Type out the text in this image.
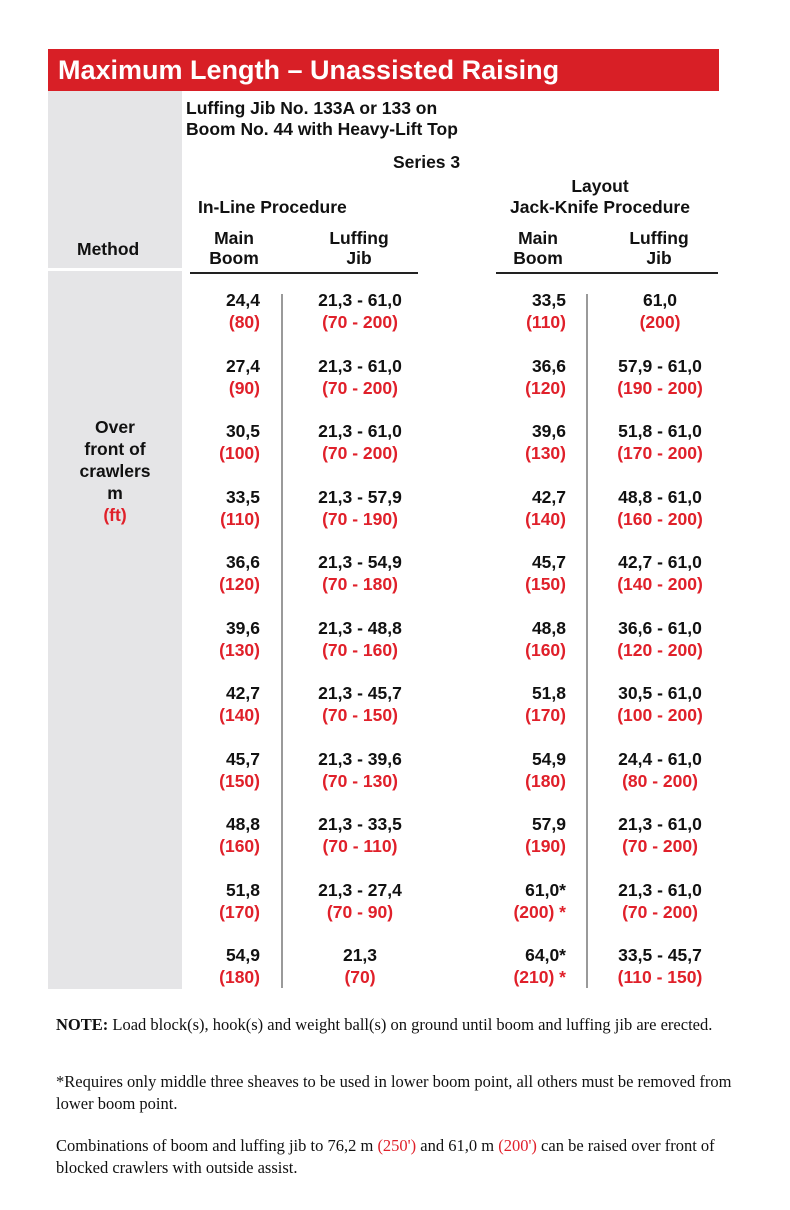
Maximum Length – Unassisted Raising
Luffing Jib No. 133A or 133 on
Boom No. 44 with Heavy-Lift Top
Series 3
In-Line Procedure
Layout
Jack-Knife Procedure
Method
Main
Boom
Luffing
Jib
Main
Boom
Luffing
Jib
Over
front of
crawlers
m
(ft)
24,4
(80)
21,3 - 61,0
(70 - 200)
33,5
(110)
61,0
(200)
27,4
(90)
21,3 - 61,0
(70 - 200)
36,6
(120)
57,9 - 61,0
(190 - 200)
30,5
(100)
21,3 - 61,0
(70 - 200)
39,6
(130)
51,8 - 61,0
(170 - 200)
33,5
(110)
21,3 - 57,9
(70 - 190)
42,7
(140)
48,8 - 61,0
(160 - 200)
36,6
(120)
21,3 - 54,9
(70 - 180)
45,7
(150)
42,7 - 61,0
(140 - 200)
39,6
(130)
21,3 - 48,8
(70 - 160)
48,8
(160)
36,6 - 61,0
(120 - 200)
42,7
(140)
21,3 - 45,7
(70 - 150)
51,8
(170)
30,5 - 61,0
(100 - 200)
45,7
(150)
21,3 - 39,6
(70 - 130)
54,9
(180)
24,4 - 61,0
(80 - 200)
48,8
(160)
21,3 - 33,5
(70 - 110)
57,9
(190)
21,3 - 61,0
(70 - 200)
51,8
(170)
21,3 - 27,4
(70 - 90)
61,0*
(200) *
21,3 - 61,0
(70 - 200)
54,9
(180)
21,3
(70)
64,0*
(210) *
33,5 - 45,7
(110 - 150)
NOTE: Load block(s), hook(s) and weight ball(s) on ground until boom and luffing jib are erected.
*Requires only middle three sheaves to be used in lower boom point, all others must be removed from lower boom point.
Combinations of boom and luffing jib to 76,2 m (250') and 61,0 m (200') can be raised over front of blocked crawlers with outside assist.
